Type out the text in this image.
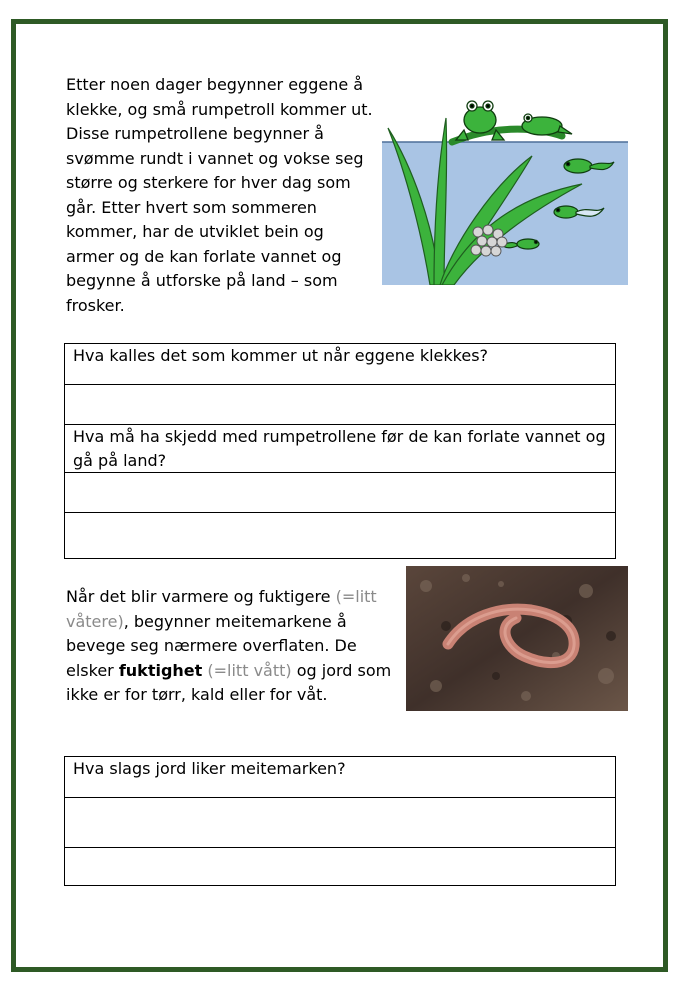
Etter noen dager begynner eggene å klekke, og små rumpetroll kommer ut. Disse rumpetrollene begynner å svømme rundt i vannet og vokse seg større og sterkere for hver dag som går. Etter hvert som sommeren kommer, har de utviklet bein og armer og de kan forlate vannet og begynne å utforske på land – som frosker.

Hva kalles det som kommer ut når eggene klekkes?
Hva må ha skjedd med rumpetrollene før de kan forlate vannet og gå på land?

Når det blir varmere og fuktigere (=litt våtere), begynner meitemarkene å bevege seg nærmere overflaten. De elsker fuktighet (=litt vått) og jord som ikke er for tørr, kald eller for våt.

Hva slags jord liker meitemarken?
